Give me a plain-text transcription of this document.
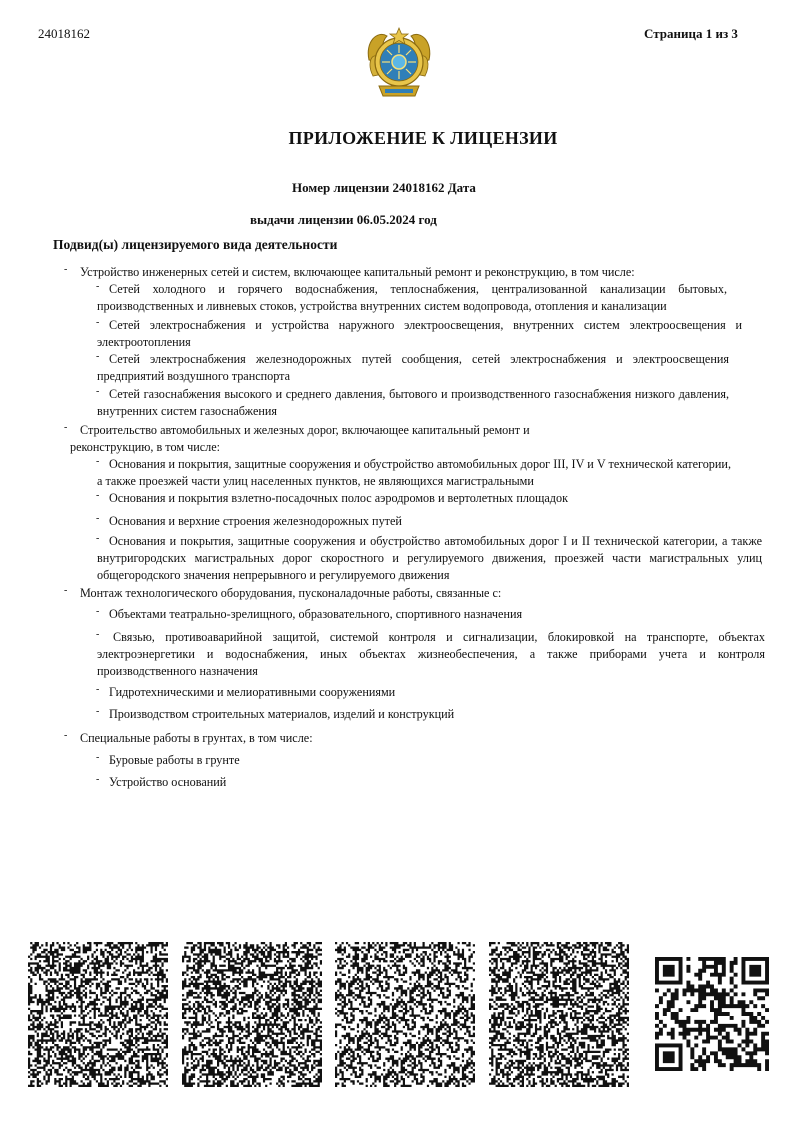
24018162	Страница 1 из 3
ПРИЛОЖЕНИЕ К ЛИЦЕНЗИИ
Номер лицензии 24018162 Дата
выдачи лицензии 06.05.2024 год
Подвид(ы) лицензируемого вида деятельности
- Устройство инженерных сетей и систем, включающее капитальный ремонт и реконструкцию, в том числе:
- Сетей холодного и горячего водоснабжения, теплоснабжения, централизованной канализации бытовых, производственных и ливневых стоков, устройства внутренних систем водопровода, отопления и канализации
- Сетей электроснабжения и устройства наружного электроосвещения, внутренних систем электроосвещения и электроотопления
- Сетей электроснабжения железнодорожных путей сообщения, сетей электроснабжения и электроосвещения предприятий воздушного транспорта
- Сетей газоснабжения высокого и среднего давления, бытового и производственного газоснабжения низкого давления, внутренних систем газоснабжения
-	Строительство автомобильных и железных дорог, включающее капитальный ремонт и реконструкцию, в том числе:
- Основания и покрытия, защитные сооружения и обустройство автомобильных дорог III, IV и V технической категории, а также проезжей части улиц населенных пунктов, не являющихся магистральными
- Основания и покрытия взлетно-посадочных полос аэродромов и вертолетных площадок
- Основания и верхние строения железнодорожных путей
- Основания и покрытия, защитные сооружения и обустройство автомобильных дорог I и II технической категории, а также внутригородских магистральных дорог скоростного и регулируемого движения, проезжей части магистральных улиц общегородского значения непрерывного и регулируемого движения
- Монтаж технологического оборудования, пусконаладочные работы, связанные с:
- Объектами театрально-зрелищного, образовательного, спортивного назначения
-	Связью, противоаварийной защитой, системой контроля и сигнализации, блокировкой на транспорте, объектах электроэнергетики и водоснабжения, иных объектах жизнеобеспечения, а также приборами учета и контроля производственного назначения
- Гидротехническими и мелиоративными сооружениями
- Производством строительных материалов, изделий и конструкций
- Специальные работы в грунтах, в том числе:
- Буровые работы в грунте
- Устройство оснований
